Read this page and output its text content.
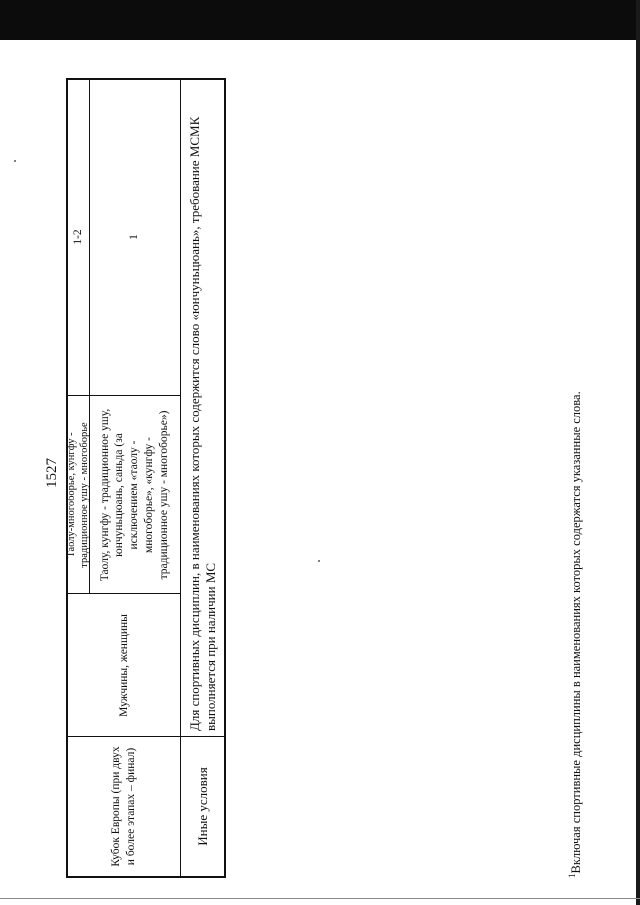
1527
Кубок Европы (при двух и более этапах – финал)
Мужчины, женщины
Таолу-многоборье, кунгфу - традиционное ушу - многоборье
1-2
Таолу, кунгфу - традиционное ушу, юнчуньцюань, саньда (за исключением «таолу - многоборье», «кунгфу - традиционное ушу - многоборье»)
1
Иные условия
Для спортивных дисциплин, в наименованиях которых содержится слово «юнчуньцюань», требование МСМК выполняется при наличии МС
$^1$Включая спортивные дисциплины в наименованиях которых содержатся указанные слова.
